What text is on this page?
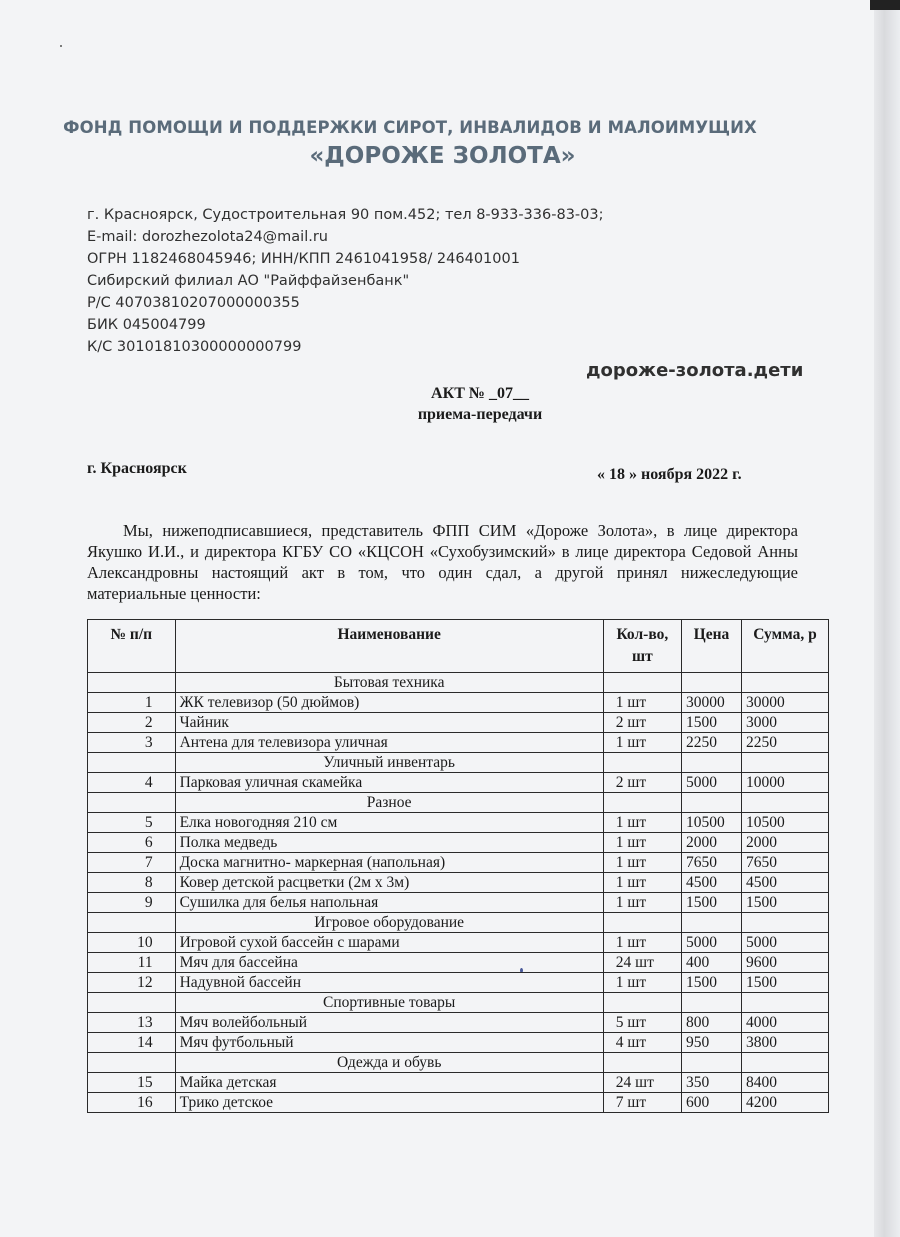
ФОНД ПОМОЩИ И ПОДДЕРЖКИ СИРОТ, ИНВАЛИДОВ И МАЛОИМУЩИХ
«ДОРОЖЕ ЗОЛОТА»
г. Красноярск, Судостроительная 90 пом.452; тел 8-933-336-83-03;
E-mail: dorozhezolota24@mail.ru
ОГРН 1182468045946; ИНН/КПП 2461041958/ 246401001
Сибирский филиал АО "Райффайзенбанк"
Р/С 40703810207000000355
БИК 045004799
К/С 30101810300000000799
дороже-золота.дети
АКТ № _07__
приема-передачи
г. Красноярск	« 18 » ноября 2022 г.
Мы, нижеподписавшиеся, представитель ФПП СИМ «Дороже Золота», в лице директора Якушко И.И., и директора КГБУ СО «КЦСОН «Сухобузимский» в лице директора Седовой Анны Александровны настоящий акт в том, что один сдал, а другой принял нижеследующие материальные ценности:
№ п/п	Наименование	Кол-во, шт	Цена	Сумма, р
	Бытовая техника			
1	ЖК телевизор (50 дюймов)	1 шт	30000	30000
2	Чайник	2 шт	1500	3000
3	Антена для телевизора уличная	1 шт	2250	2250
	Уличный инвентарь			
4	Парковая уличная скамейка	2 шт	5000	10000
	Разное			
5	Елка новогодняя 210 см	1 шт	10500	10500
6	Полка медведь	1 шт	2000	2000
7	Доска магнитно- маркерная (напольная)	1 шт	7650	7650
8	Ковер детской расцветки (2м х 3м)	1 шт	4500	4500
9	Сушилка для белья напольная	1 шт	1500	1500
	Игровое оборудование			
10	Игровой сухой бассейн с шарами	1 шт	5000	5000
11	Мяч для бассейна	24 шт	400	9600
12	Надувной бассейн	1 шт	1500	1500
	Спортивные товары			
13	Мяч волейбольный	5 шт	800	4000
14	Мяч футбольный	4 шт	950	3800
	Одежда и обувь			
15	Майка детская	24 шт	350	8400
16	Трико детское	7 шт	600	4200
